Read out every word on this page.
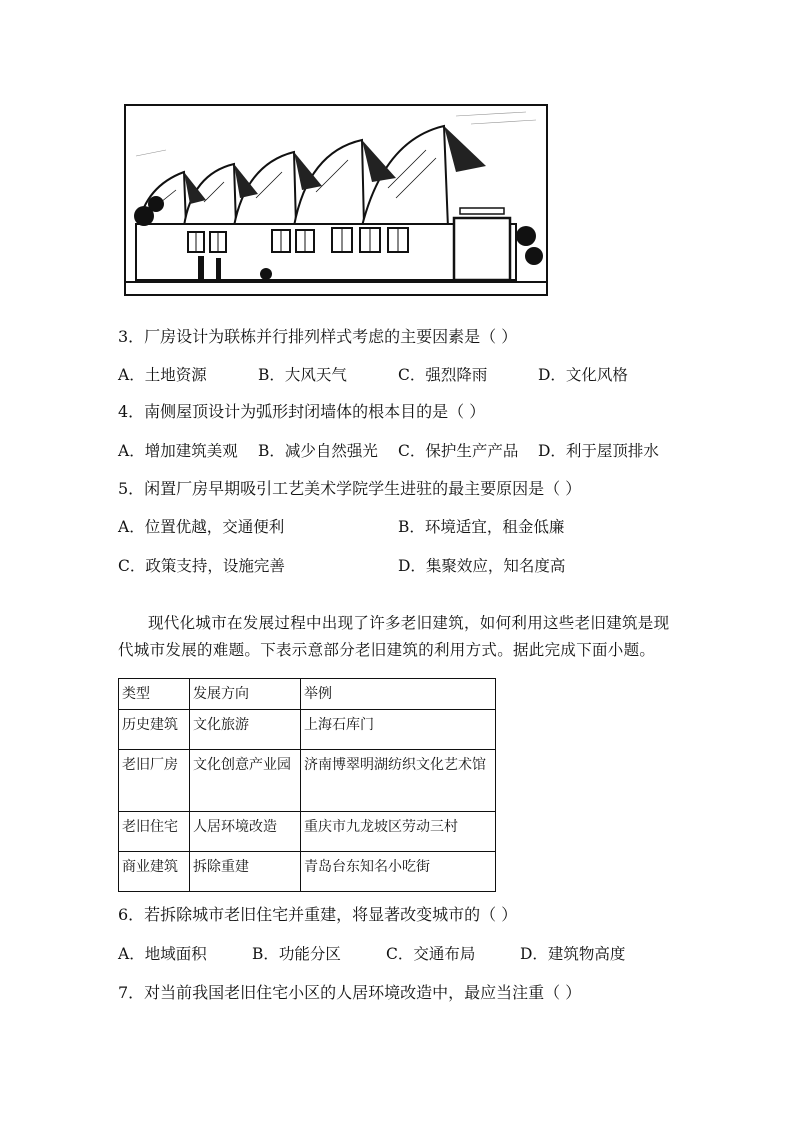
3．厂房设计为联栋并行排列样式考虑的主要因素是（ ）
A．土地资源	B．大风天气	C．强烈降雨	D．文化风格
4．南侧屋顶设计为弧形封闭墙体的根本目的是（ ）
A．增加建筑美观 B．减少自然强光 C．保护生产产品 D．利于屋顶排水
5．闲置厂房早期吸引工艺美术学院学生进驻的最主要原因是（ ）
A．位置优越，交通便利	B．环境适宜，租金低廉
C．政策支持，设施完善	D．集聚效应，知名度高

现代化城市在发展过程中出现了许多老旧建筑，如何利用这些老旧建筑是现代城市发展的难题。下表示意部分老旧建筑的利用方式。据此完成下面小题。

类型	发展方向	举例
历史建筑	文化旅游	上海石库门
老旧厂房	文化创意产业园	济南博翠明湖纺织文化艺术馆
老旧住宅	人居环境改造	重庆市九龙坡区劳动三村
商业建筑	拆除重建	青岛台东知名小吃街
6．若拆除城市老旧住宅并重建，将显著改变城市的（ ）
A．地域面积	B．功能分区	C．交通布局	D．建筑物高度
7．对当前我国老旧住宅小区的人居环境改造中，最应当注重（ ）
